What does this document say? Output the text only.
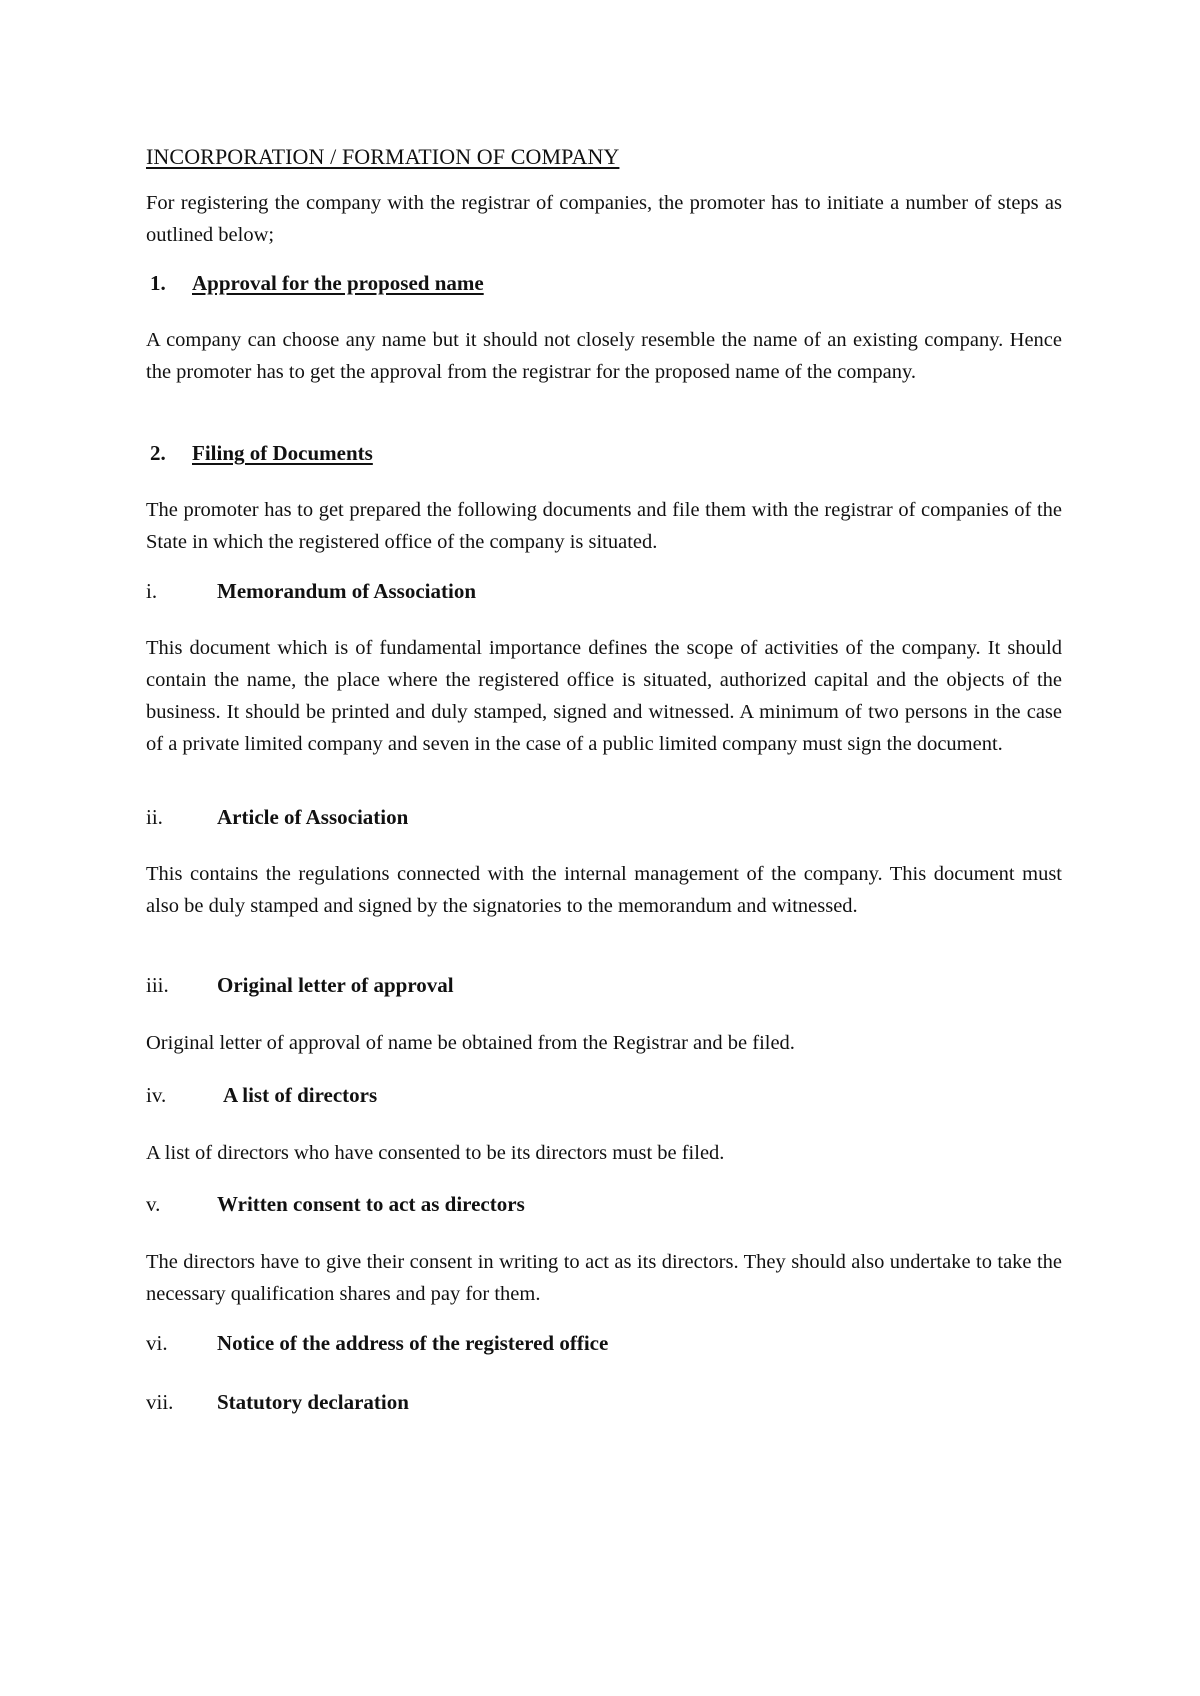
INCORPORATION / FORMATION OF COMPANY

For registering the company with the registrar of companies, the promoter has to initiate a number of steps as outlined below;

1.	Approval for the proposed name

A company can choose any name but it should not closely resemble the name of an existing company. Hence the promoter has to get the approval from the registrar for the proposed name of the company.

2.	Filing of Documents

The promoter has to get prepared the following documents and file them with the registrar of companies of the State in which the registered office of the company is situated.

i.	Memorandum of Association

This document which is of fundamental importance defines the scope of activities of the company. It should contain the name, the place where the registered office is situated, authorized capital and the objects of the business. It should be printed and duly stamped, signed and witnessed. A minimum of two persons in the case of a private limited company and seven in the case of a public limited company must sign the document.

ii.	Article of Association

This contains the regulations connected with the internal management of the company. This document must also be duly stamped and signed by the signatories to the memorandum and witnessed.

iii.	Original letter of approval

Original letter of approval of name be obtained from the Registrar and be filed.

iv.	A list of directors

A list of directors who have consented to be its directors must be filed.

v.	Written consent to act as directors

The directors have to give their consent in writing to act as its directors. They should also undertake to take the necessary qualification shares and pay for them.

vi.	Notice of the address of the registered office
vii.	Statutory declaration
